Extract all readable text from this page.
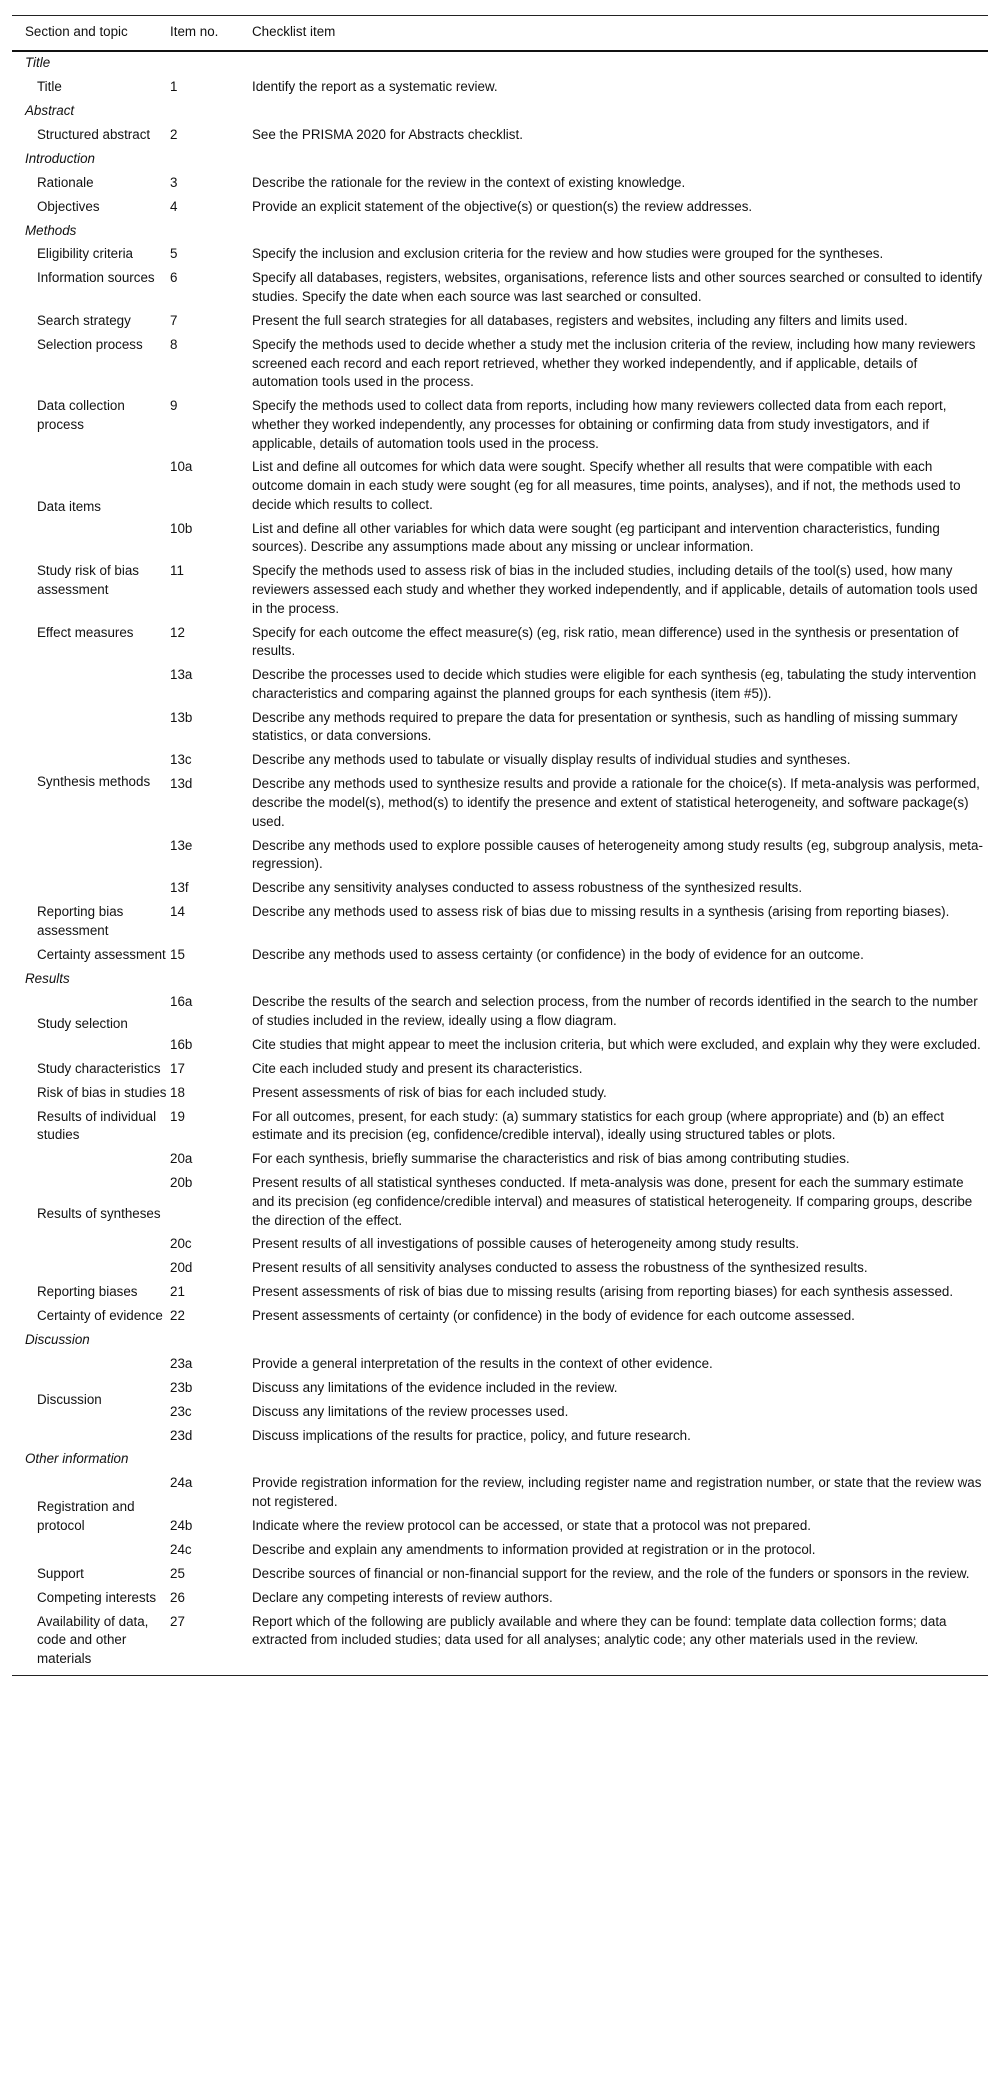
Section and topic	Item no.	Checklist item
Title		
Title	1	Identify the report as a systematic review.
Abstract		
Structured abstract	2	See the PRISMA 2020 for Abstracts checklist.
Introduction		
Rationale	3	Describe the rationale for the review in the context of existing knowledge.
Objectives	4	Provide an explicit statement of the objective(s) or question(s) the review addresses.
Methods		
Eligibility criteria	5	Specify the inclusion and exclusion criteria for the review and how studies were grouped for the syntheses.
Information sources	6	Specify all databases, registers, websites, organisations, reference lists and other sources searched or consulted to identify studies. Specify the date when each source was last searched or consulted.
Search strategy	7	Present the full search strategies for all databases, registers and websites, including any filters and limits used.
Selection process	8	Specify the methods used to decide whether a study met the inclusion criteria of the review, including how many reviewers screened each record and each report retrieved, whether they worked independently, and if applicable, details of automation tools used in the process.
Data collection process	9	Specify the methods used to collect data from reports, including how many reviewers collected data from each report, whether they worked independently, any processes for obtaining or confirming data from study investigators, and if applicable, details of automation tools used in the process.
Data items	10a	List and define all outcomes for which data were sought. Specify whether all results that were compatible with each outcome domain in each study were sought (eg for all measures, time points, analyses), and if not, the methods used to decide which results to collect.
	10b	List and define all other variables for which data were sought (eg participant and intervention characteristics, funding sources). Describe any assumptions made about any missing or unclear information.
Study risk of bias assessment	11	Specify the methods used to assess risk of bias in the included studies, including details of the tool(s) used, how many reviewers assessed each study and whether they worked independently, and if applicable, details of automation tools used in the process.
Effect measures	12	Specify for each outcome the effect measure(s) (eg, risk ratio, mean difference) used in the synthesis or presentation of results.
Synthesis methods	13a	Describe the processes used to decide which studies were eligible for each synthesis (eg, tabulating the study intervention characteristics and comparing against the planned groups for each synthesis (item #5)).
	13b	Describe any methods required to prepare the data for presentation or synthesis, such as handling of missing summary statistics, or data conversions.
	13c	Describe any methods used to tabulate or visually display results of individual studies and syntheses.
	13d	Describe any methods used to synthesize results and provide a rationale for the choice(s). If meta-analysis was performed, describe the model(s), method(s) to identify the presence and extent of statistical heterogeneity, and software package(s) used.
	13e	Describe any methods used to explore possible causes of heterogeneity among study results (eg, subgroup analysis, meta-regression).
	13f	Describe any sensitivity analyses conducted to assess robustness of the synthesized results.
Reporting bias assessment	14	Describe any methods used to assess risk of bias due to missing results in a synthesis (arising from reporting biases).
Certainty assessment	15	Describe any methods used to assess certainty (or confidence) in the body of evidence for an outcome.
Results		
Study selection	16a	Describe the results of the search and selection process, from the number of records identified in the search to the number of studies included in the review, ideally using a flow diagram.
	16b	Cite studies that might appear to meet the inclusion criteria, but which were excluded, and explain why they were excluded.
Study characteristics	17	Cite each included study and present its characteristics.
Risk of bias in studies	18	Present assessments of risk of bias for each included study.
Results of individual studies	19	For all outcomes, present, for each study: (a) summary statistics for each group (where appropriate) and (b) an effect estimate and its precision (eg, confidence/credible interval), ideally using structured tables or plots.
Results of syntheses	20a	For each synthesis, briefly summarise the characteristics and risk of bias among contributing studies.
	20b	Present results of all statistical syntheses conducted. If meta-analysis was done, present for each the summary estimate and its precision (eg confidence/credible interval) and measures of statistical heterogeneity. If comparing groups, describe the direction of the effect.
	20c	Present results of all investigations of possible causes of heterogeneity among study results.
	20d	Present results of all sensitivity analyses conducted to assess the robustness of the synthesized results.
Reporting biases	21	Present assessments of risk of bias due to missing results (arising from reporting biases) for each synthesis assessed.
Certainty of evidence	22	Present assessments of certainty (or confidence) in the body of evidence for each outcome assessed.
Discussion		
Discussion	23a	Provide a general interpretation of the results in the context of other evidence.
	23b	Discuss any limitations of the evidence included in the review.
	23c	Discuss any limitations of the review processes used.
	23d	Discuss implications of the results for practice, policy, and future research.
Other information		
Registration and protocol	24a	Provide registration information for the review, including register name and registration number, or state that the review was not registered.
	24b	Indicate where the review protocol can be accessed, or state that a protocol was not prepared.
	24c	Describe and explain any amendments to information provided at registration or in the protocol.
Support	25	Describe sources of financial or non-financial support for the review, and the role of the funders or sponsors in the review.
Competing interests	26	Declare any competing interests of review authors.
Availability of data, code and other materials	27	Report which of the following are publicly available and where they can be found: template data collection forms; data extracted from included studies; data used for all analyses; analytic code; any other materials used in the review.
